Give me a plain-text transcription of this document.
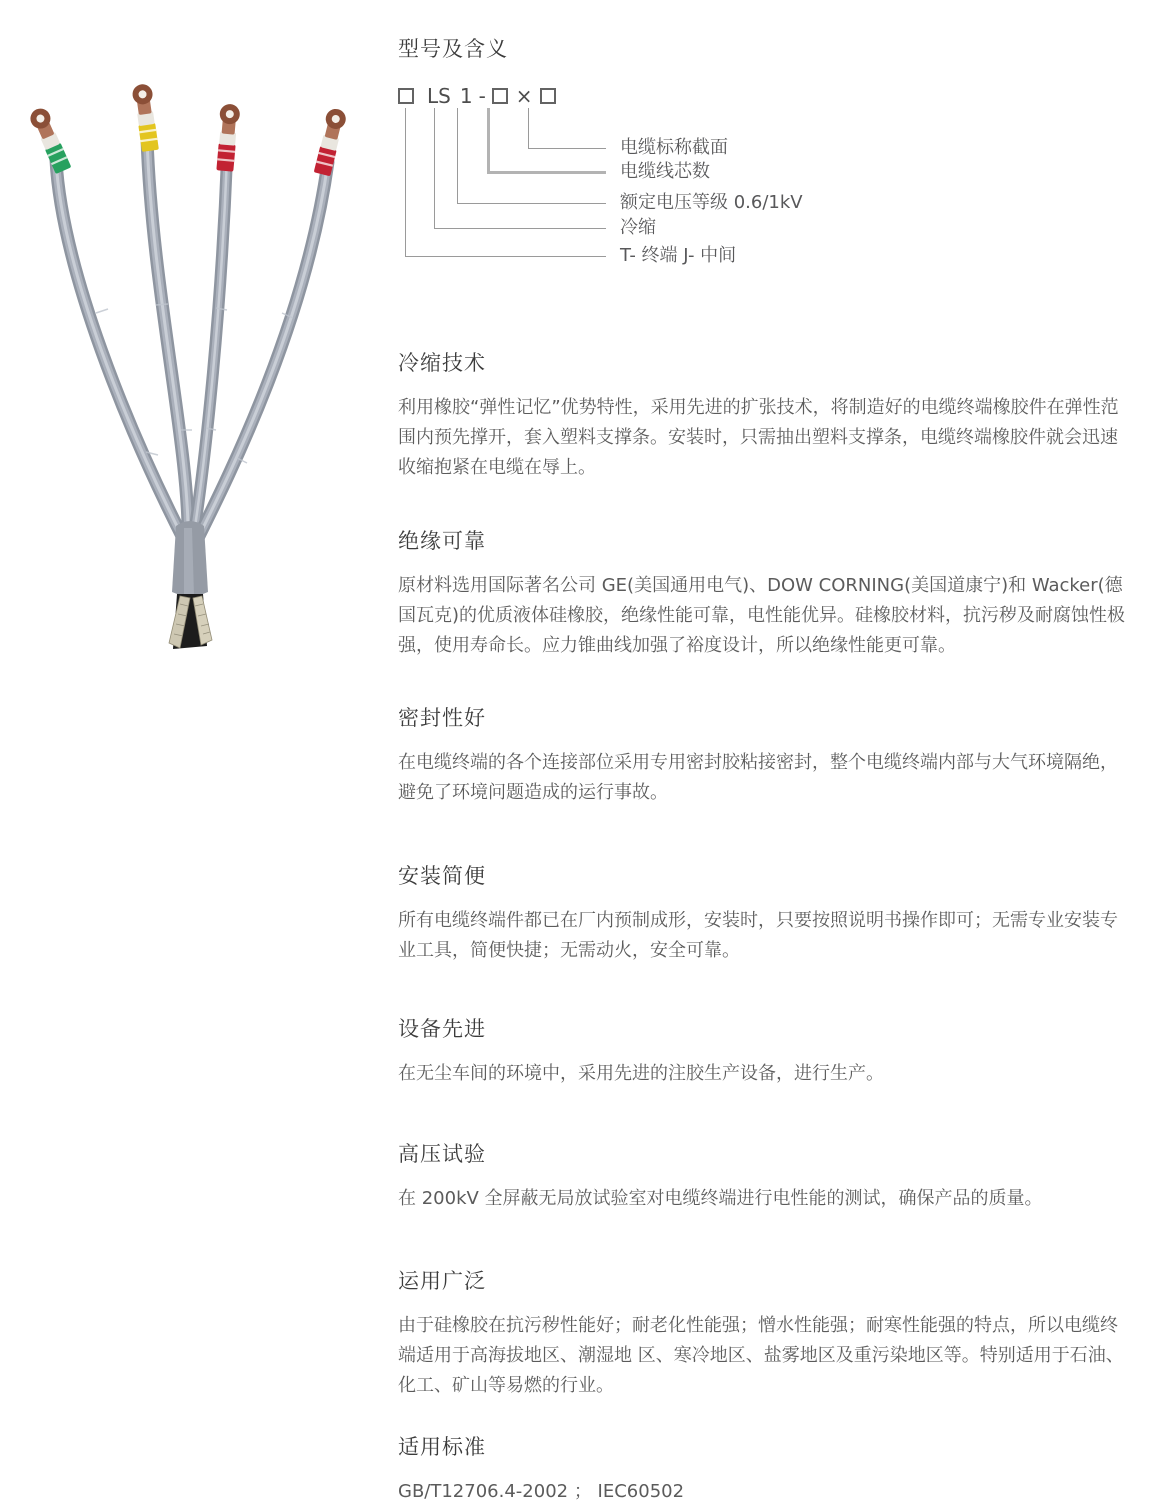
型号及含义
LS 1 - ×
电缆标称截面
电缆线芯数
额定电压等级 0.6/1kV
冷缩
T- 终端 J- 中间
冷缩技术

利用橡胶“弹性记忆”优势特性，采用先进的扩张技术，将制造好的电缆终端橡胶件在弹性范围内预先撑开，套入塑料支撑条。安装时，只需抽出塑料支撑条，电缆终端橡胶件就会迅速收缩抱紧在电缆在辱上。

绝缘可靠

原材料选用国际著名公司 GE(美国通用电气)、DOW CORNING(美国道康宁)和 Wacker(德国瓦克)的优质液体硅橡胶，绝缘性能可靠，电性能优异。硅橡胶材料，抗污秽及耐腐蚀性极强，使用寿命长。应力锥曲线加强了裕度设计，所以绝缘性能更可靠。

密封性好

在电缆终端的各个连接部位采用专用密封胶粘接密封，整个电缆终端内部与大气环境隔绝，避免了环境问题造成的运行事故。

安装简便

所有电缆终端件都已在厂内预制成形，安装时，只要按照说明书操作即可；无需专业安装专业工具，简便快捷；无需动火，安全可靠。

设备先进

在无尘车间的环境中，采用先进的注胶生产设备，进行生产。

高压试验

在 200kV 全屏蔽无局放试验室对电缆终端进行电性能的测试，确保产品的质量。

运用广泛

由于硅橡胶在抗污秽性能好；耐老化性能强；憎水性能强；耐寒性能强的特点，所以电缆终端适用于高海拔地区、潮湿地 区、寒冷地区、盐雾地区及重污染地区等。特别适用于石油、化工、矿山等易燃的行业。

适用标准

GB/T12706.4-2002 ； IEC60502
